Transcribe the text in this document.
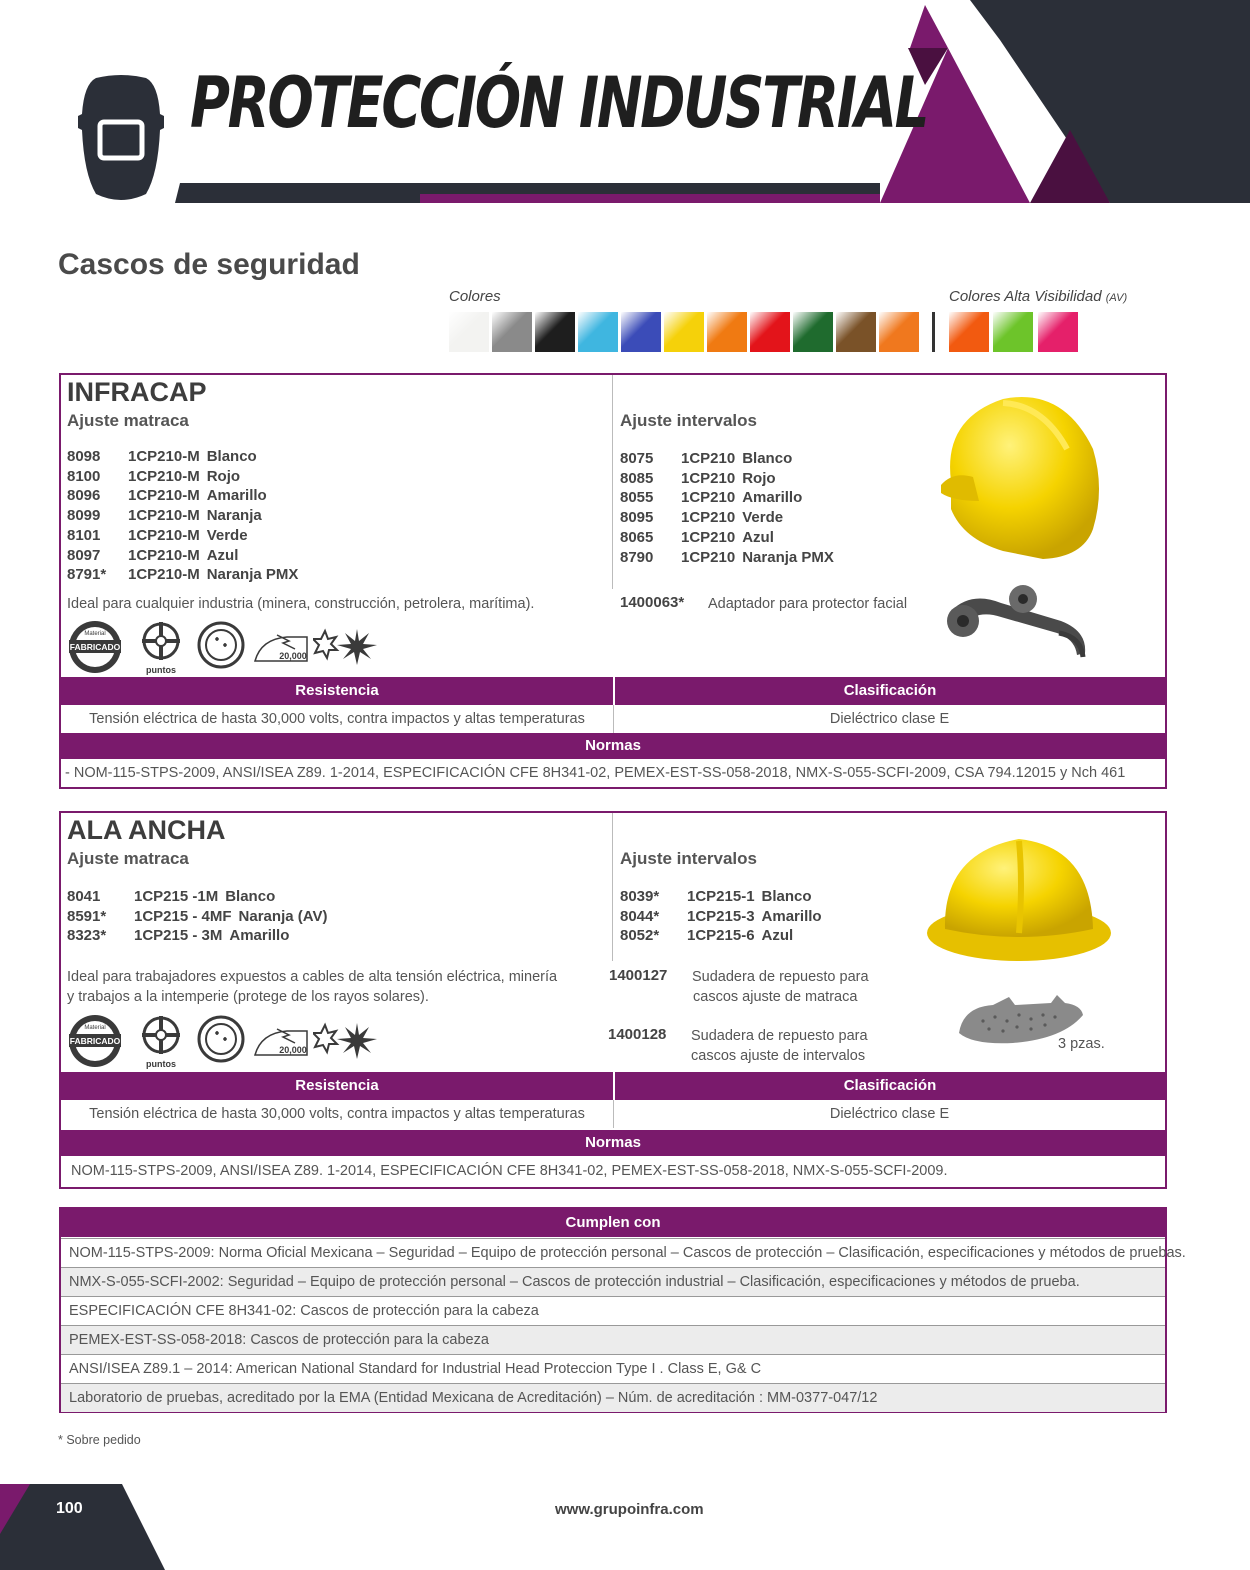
PROTECCIÓN INDUSTRIAL
Cascos de seguridad
Colores	Colores Alta Visibilidad (AV)
INFRACAP
Ajuste matraca	Ajuste intervalos
8098 1CP210-M Blanco
8100 1CP210-M Rojo
8096 1CP210-M Amarillo
8099 1CP210-M Naranja
8101 1CP210-M Verde
8097 1CP210-M Azul
8791* 1CP210-M Naranja PMX
8075 1CP210 Blanco
8085 1CP210 Rojo
8055 1CP210 Amarillo
8095 1CP210 Verde
8065 1CP210 Azul
8790 1CP210 Naranja PMX
Ideal para cualquier industria (minera, construcción, petrolera, marítima).	1400063* Adaptador para protector facial
FABRICADO
Material
puntos
20,000
Resistencia	Clasificación
Tensión eléctrica de hasta 30,000 volts, contra impactos y altas temperaturas	Dieléctrico clase E
Normas
- NOM-115-STPS-2009, ANSI/ISEA Z89. 1-2014, ESPECIFICACIÓN CFE 8H341-02, PEMEX-EST-SS-058-2018, NMX-S-055-SCFI-2009, CSA 794.12015 y Nch 461
ALA ANCHA
Ajuste matraca	Ajuste intervalos
8041 1CP215 -1M Blanco
8591* 1CP215 - 4MF Naranja (AV)
8323* 1CP215 - 3M Amarillo
8039* 1CP215-1 Blanco
8044* 1CP215-3 Amarillo
8052* 1CP215-6 Azul
Ideal para trabajadores expuestos a cables de alta tensión eléctrica, minería
y trabajos a la intemperie (protege de los rayos solares).
1400127 Sudadera de repuesto para
cascos ajuste de matraca
1400128 Sudadera de repuesto para
cascos ajuste de intervalos
3 pzas.
FABRICADO
Material
puntos
20,000
Resistencia	Clasificación
Tensión eléctrica de hasta 30,000 volts, contra impactos y altas temperaturas	Dieléctrico clase E
Normas
NOM-115-STPS-2009, ANSI/ISEA Z89. 1-2014, ESPECIFICACIÓN CFE 8H341-02, PEMEX-EST-SS-058-2018, NMX-S-055-SCFI-2009.
Cumplen con
NOM-115-STPS-2009: Norma Oficial Mexicana – Seguridad – Equipo de protección personal – Cascos de protección – Clasificación, especificaciones y métodos de pruebas.
NMX-S-055-SCFI-2002: Seguridad – Equipo de protección personal – Cascos de protección industrial – Clasificación, especificaciones y métodos de prueba.
ESPECIFICACIÓN CFE 8H341-02: Cascos de protección para la cabeza
PEMEX-EST-SS-058-2018: Cascos de protección para la cabeza
ANSI/ISEA Z89.1 – 2014: American National Standard for Industrial Head Proteccion Type I . Class E, G& C
Laboratorio de pruebas, acreditado por la EMA (Entidad Mexicana de Acreditación) – Núm. de acreditación : MM-0377-047/12
* Sobre pedido
100	www.grupoinfra.com
